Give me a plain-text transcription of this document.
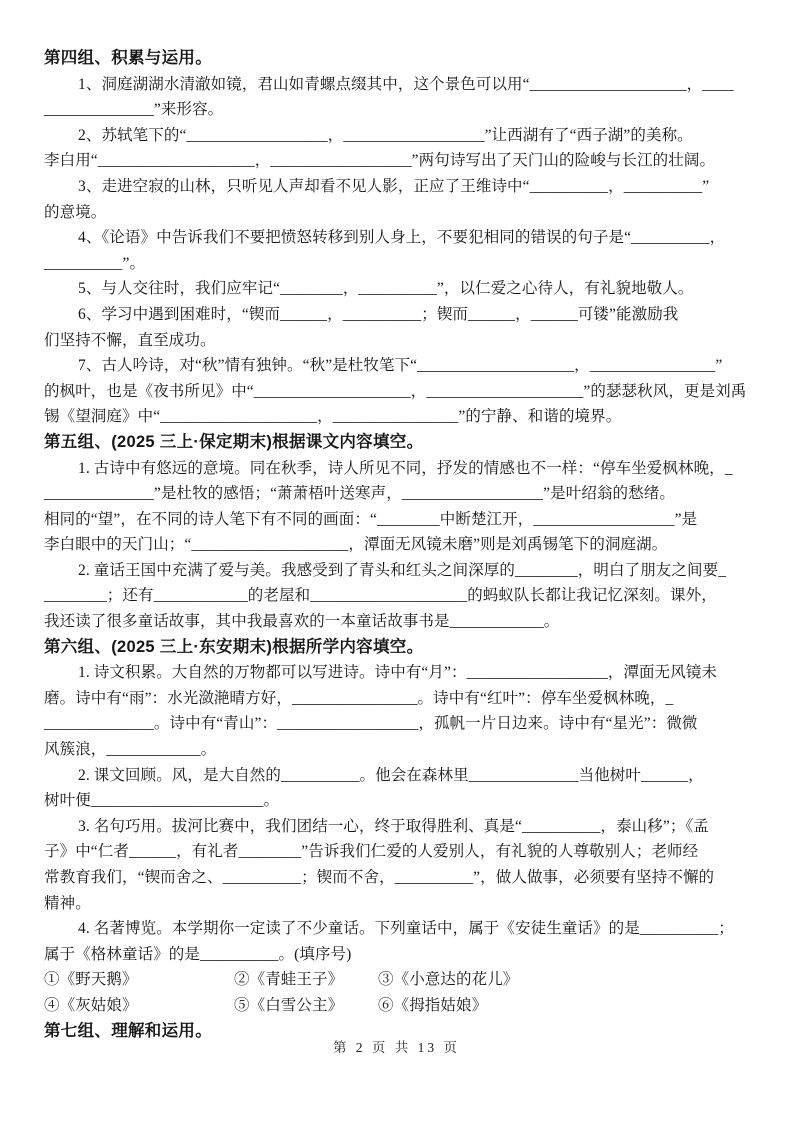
第四组、积累与运用。
1、洞庭湖湖水清澈如镜，君山如青螺点缀其中，这个景色可以用“____________________，____
______________”来形容。
2、苏轼笔下的“__________________，__________________”让西湖有了“西子湖”的美称。
李白用“____________________，__________________”两句诗写出了天门山的险峻与长江的壮阔。
3、走进空寂的山林，只听见人声却看不见人影，正应了王维诗中“__________，__________”
的意境。
4、《论语》中告诉我们不要把愤怒转移到别人身上，不要犯相同的错误的句子是“__________，
__________”。
5、与人交往时，我们应牢记“________，__________”，以仁爱之心待人，有礼貌地敬人。
6、学习中遇到困难时，“锲而______，__________；锲而______，______可镂”能激励我
们坚持不懈，直至成功。
7、古人吟诗，对“秋”情有独钟。“秋”是杜牧笔下“____________________，________________”
的枫叶，也是《夜书所见》中“____________________，____________________”的瑟瑟秋风，更是刘禹
锡《望洞庭》中“____________________，________________”的宁静、和谐的境界。
第五组、(2025 三上·保定期末)根据课文内容填空。
1. 古诗中有悠远的意境。同在秋季，诗人所见不同，抒发的情感也不一样：“停车坐爱枫林晚，_
______________”是杜牧的感悟；“萧萧梧叶送寒声，__________________”是叶绍翁的愁绪。
相同的“望”，在不同的诗人笔下有不同的画面：“________中断楚江开，__________________”是
李白眼中的天门山；“____________________，潭面无风镜未磨”则是刘禹锡笔下的洞庭湖。
2. 童话王国中充满了爱与美。我感受到了青头和红头之间深厚的________，明白了朋友之间要_
________；还有____________的老屋和____________________的蚂蚁队长都让我记忆深刻。课外，
我还读了很多童话故事，其中我最喜欢的一本童话故事书是____________。
第六组、(2025 三上·东安期末)根据所学内容填空。
1. 诗文积累。大自然的万物都可以写进诗。诗中有“月”：__________________，潭面无风镜未
磨。诗中有“雨”：水光潋滟晴方好，________________。诗中有“红叶”：停车坐爱枫林晚，_
______________。诗中有“青山”：__________________，孤帆一片日边来。诗中有“星光”：微微
风簇浪，____________。
2. 课文回顾。风，是大自然的__________。他会在森林里______________当他树叶______，
树叶便______________________。
3. 名句巧用。拔河比赛中，我们团结一心，终于取得胜利、真是“__________，泰山移”；《孟
子》中“仁者______，有礼者________”告诉我们仁爱的人爱别人，有礼貌的人尊敬别人；老师经
常教育我们，“锲而舍之、__________；锲而不舍，__________”，做人做事，必须要有坚持不懈的
精神。
4. 名著博览。本学期你一定读了不少童话。下列童话中，属于《安徒生童话》的是__________；
属于《格林童话》的是__________。(填序号)
①《野天鹅》	②《青蛙王子》 ③《小意达的花儿》
④《灰姑娘》	⑤《白雪公主》 ⑥《拇指姑娘》
第七组、理解和运用。
第 2 页 共 13 页
